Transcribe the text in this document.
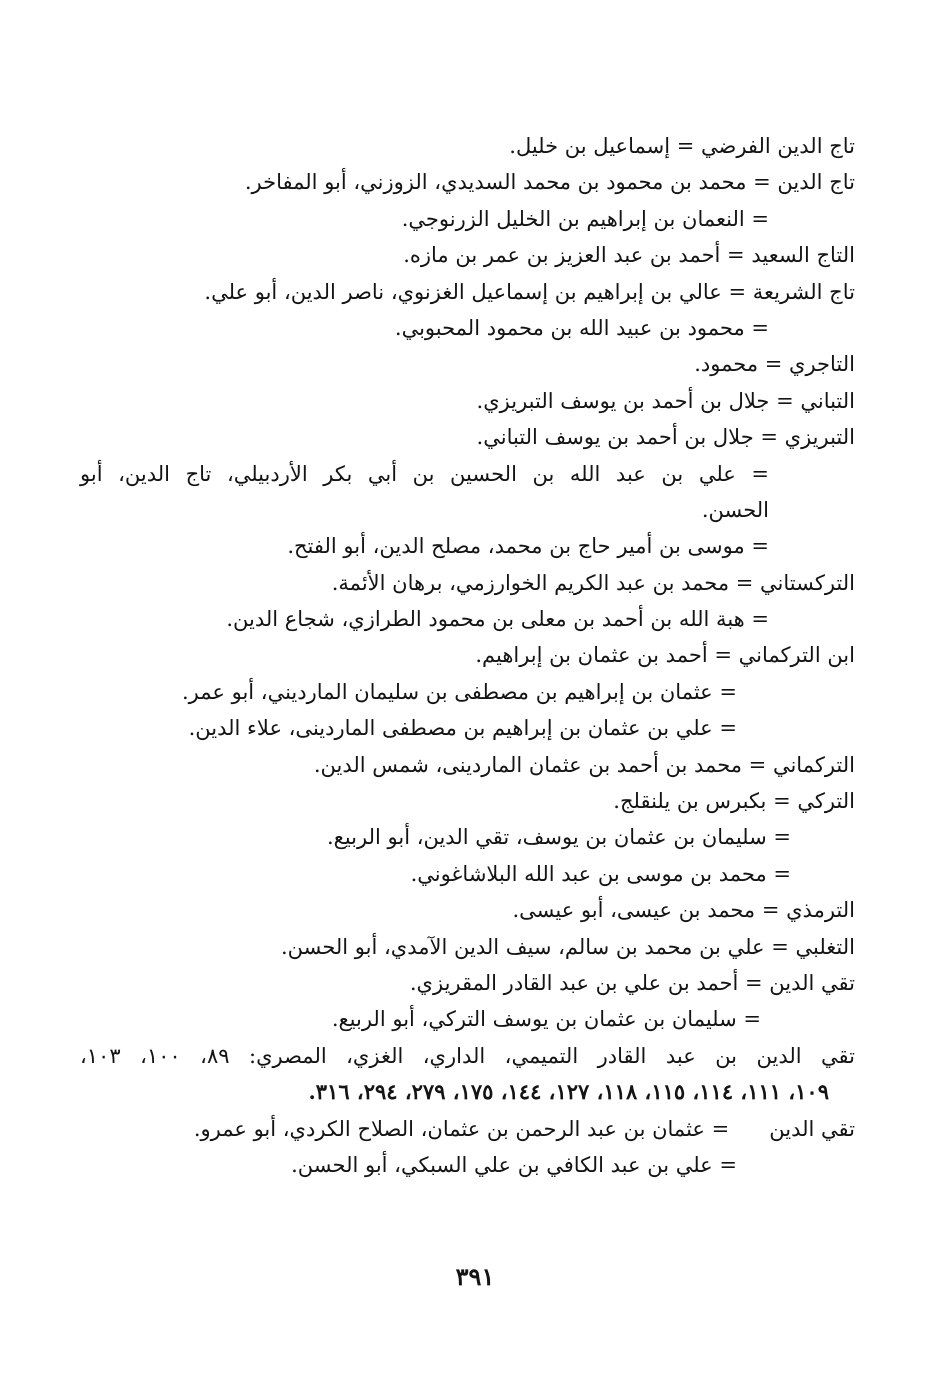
تاج الدين الفرضي = إسماعيل بن خليل.
تاج الدين = محمد بن محمود بن محمد السديدي، الزوزني، أبو المفاخر.
= النعمان بن إبراهيم بن الخليل الزرنوجي.
التاج السعيد = أحمد بن عبد العزيز بن عمر بن مازه.
تاج الشريعة = عالي بن إبراهيم بن إسماعيل الغزنوي، ناصر الدين، أبو علي.
= محمود بن عبيد الله بن محمود المحبوبي.
التاجري = محمود.
التباني = جلال بن أحمد بن يوسف التبريزي.
التبريزي = جلال بن أحمد بن يوسف التباني.
= علي بن عبد الله بن الحسين بن أبي بكر الأردبيلي، تاج الدين، أبو
الحسن.
= موسى بن أمير حاج بن محمد، مصلح الدين، أبو الفتح.
التركستاني = محمد بن عبد الكريم الخوارزمي، برهان الأئمة.
= هبة الله بن أحمد بن معلى بن محمود الطرازي، شجاع الدين.
ابن التركماني = أحمد بن عثمان بن إبراهيم.
= عثمان بن إبراهيم بن مصطفى بن سليمان المارديني، أبو عمر.
= علي بن عثمان بن إبراهيم بن مصطفى الماردينى، علاء الدين.
التركماني = محمد بن أحمد بن عثمان الماردينى، شمس الدين.
التركي = بكبرس بن يلنقلج.
= سليمان بن عثمان بن يوسف، تقي الدين، أبو الربيع.
= محمد بن موسى بن عبد الله البلاشاغوني.
الترمذي = محمد بن عيسى، أبو عيسى.
التغلبي = علي بن محمد بن سالم، سيف الدين الآمدي، أبو الحسن.
تقي الدين = أحمد بن علي بن عبد القادر المقريزي.
= سليمان بن عثمان بن يوسف التركي، أبو الربيع.
تقي الدين بن عبد القادر التميمي، الداري، الغزي، المصري: ٨٩، ١٠٠، ١٠٣،
١٠٩، ١١١، ١١٤، ١١٥، ١١٨، ١٢٧، ١٤٤، ١٧٥، ٢٧٩، ٢٩٤، ٣١٦.
تقي الدين      = عثمان بن عبد الرحمن بن عثمان، الصلاح الكردي، أبو عمرو.
= علي بن عبد الكافي بن علي السبكي، أبو الحسن.
٣٩١
